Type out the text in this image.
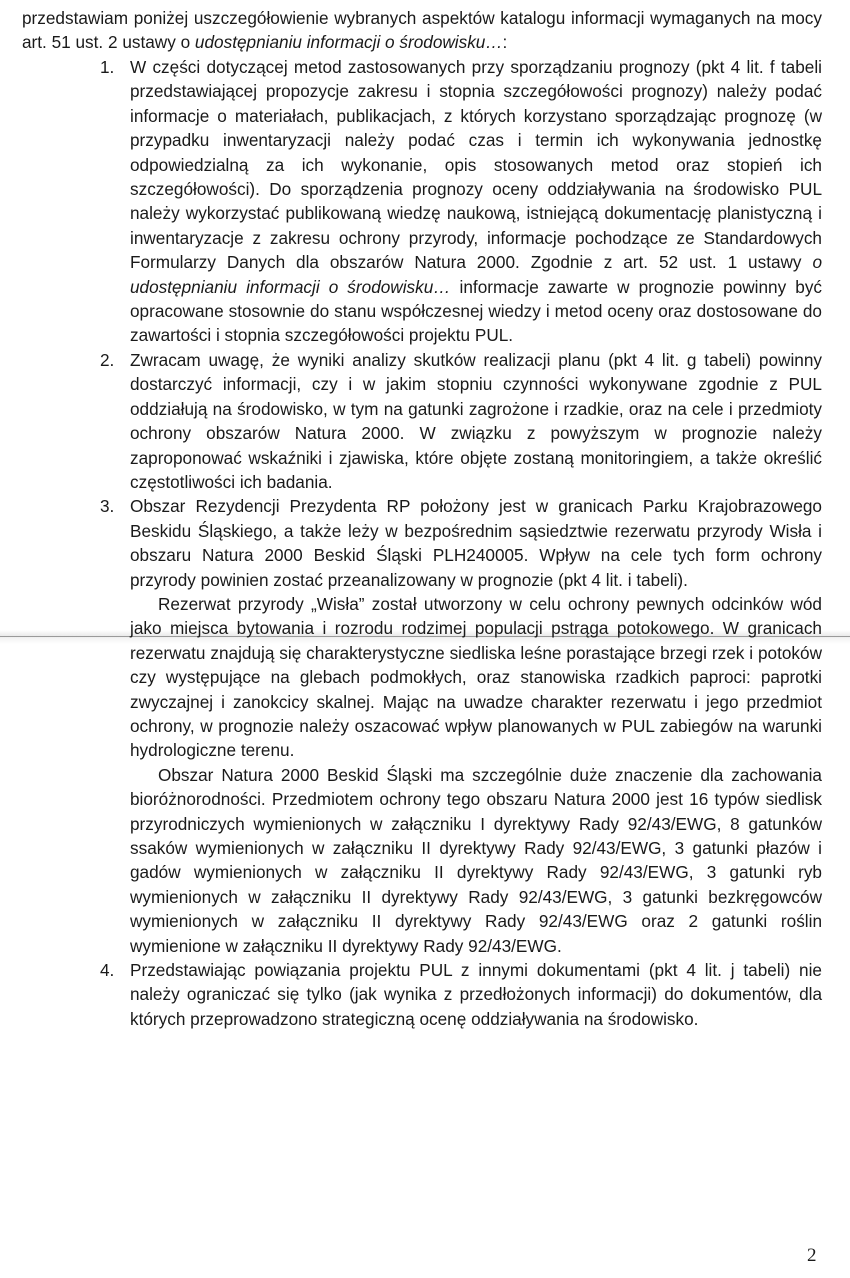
przedstawiam poniżej uszczegółowienie wybranych aspektów katalogu informacji wymaganych na mocy art. 51 ust. 2 ustawy o udostępnianiu informacji o środowisku…:

1. W części dotyczącej metod zastosowanych przy sporządzaniu prognozy (pkt 4 lit. f tabeli przedstawiającej propozycje zakresu i stopnia szczegółowości prognozy) należy podać informacje o materiałach, publikacjach, z których korzystano sporządzając prognozę (w przypadku inwentaryzacji należy podać czas i termin ich wykonywania jednostkę odpowiedzialną za ich wykonanie, opis stosowanych metod oraz stopień ich szczegółowości). Do sporządzenia prognozy oceny oddziaływania na środowisko PUL należy wykorzystać publikowaną wiedzę naukową, istniejącą dokumentację planistyczną i inwentaryzacje z zakresu ochrony przyrody, informacje pochodzące ze Standardowych Formularzy Danych dla obszarów Natura 2000. Zgodnie z art. 52 ust. 1 ustawy o udostępnianiu informacji o środowisku… informacje zawarte w prognozie powinny być opracowane stosownie do stanu współczesnej wiedzy i metod oceny oraz dostosowane do zawartości i stopnia szczegółowości projektu PUL.

2. Zwracam uwagę, że wyniki analizy skutków realizacji planu (pkt 4 lit. g tabeli) powinny dostarczyć informacji, czy i w jakim stopniu czynności wykonywane zgodnie z PUL oddziałują na środowisko, w tym na gatunki zagrożone i rzadkie, oraz na cele i przedmioty ochrony obszarów Natura 2000. W związku z powyższym w prognozie należy zaproponować wskaźniki i zjawiska, które objęte zostaną monitoringiem, a także określić częstotliwości ich badania.

3. Obszar Rezydencji Prezydenta RP położony jest w granicach Parku Krajobrazowego Beskidu Śląskiego, a także leży w bezpośrednim sąsiedztwie rezerwatu przyrody Wisła i obszaru Natura 2000 Beskid Śląski PLH240005. Wpływ na cele tych form ochrony przyrody powinien zostać przeanalizowany w prognozie (pkt 4 lit. i tabeli).

Rezerwat przyrody „Wisła” został utworzony w celu ochrony pewnych odcinków wód jako miejsca bytowania i rozrodu rodzimej populacji pstrąga potokowego. W granicach rezerwatu znajdują się charakterystyczne siedliska leśne porastające brzegi rzek i potoków czy występujące na glebach podmokłych, oraz stanowiska rzadkich paproci: paprotki zwyczajnej i zanokcicy skalnej. Mając na uwadze charakter rezerwatu i jego przedmiot ochrony, w prognozie należy oszacować wpływ planowanych w PUL zabiegów na warunki hydrologiczne terenu.

Obszar Natura 2000 Beskid Śląski ma szczególnie duże znaczenie dla zachowania bioróżnorodności. Przedmiotem ochrony tego obszaru Natura 2000 jest 16 typów siedlisk przyrodniczych wymienionych w załączniku I dyrektywy Rady 92/43/EWG, 8 gatunków ssaków wymienionych w załączniku II dyrektywy Rady 92/43/EWG, 3 gatunki płazów i gadów wymienionych w załączniku II dyrektywy Rady 92/43/EWG, 3 gatunki ryb wymienionych w załączniku II dyrektywy Rady 92/43/EWG, 3 gatunki bezkręgowców wymienionych w załączniku II dyrektywy Rady 92/43/EWG oraz 2 gatunki roślin wymienione w załączniku II dyrektywy Rady 92/43/EWG.

4. Przedstawiając powiązania projektu PUL z innymi dokumentami (pkt 4 lit. j tabeli) nie należy ograniczać się tylko (jak wynika z przedłożonych informacji) do dokumentów, dla których przeprowadzono strategiczną ocenę oddziaływania na środowisko.

2
